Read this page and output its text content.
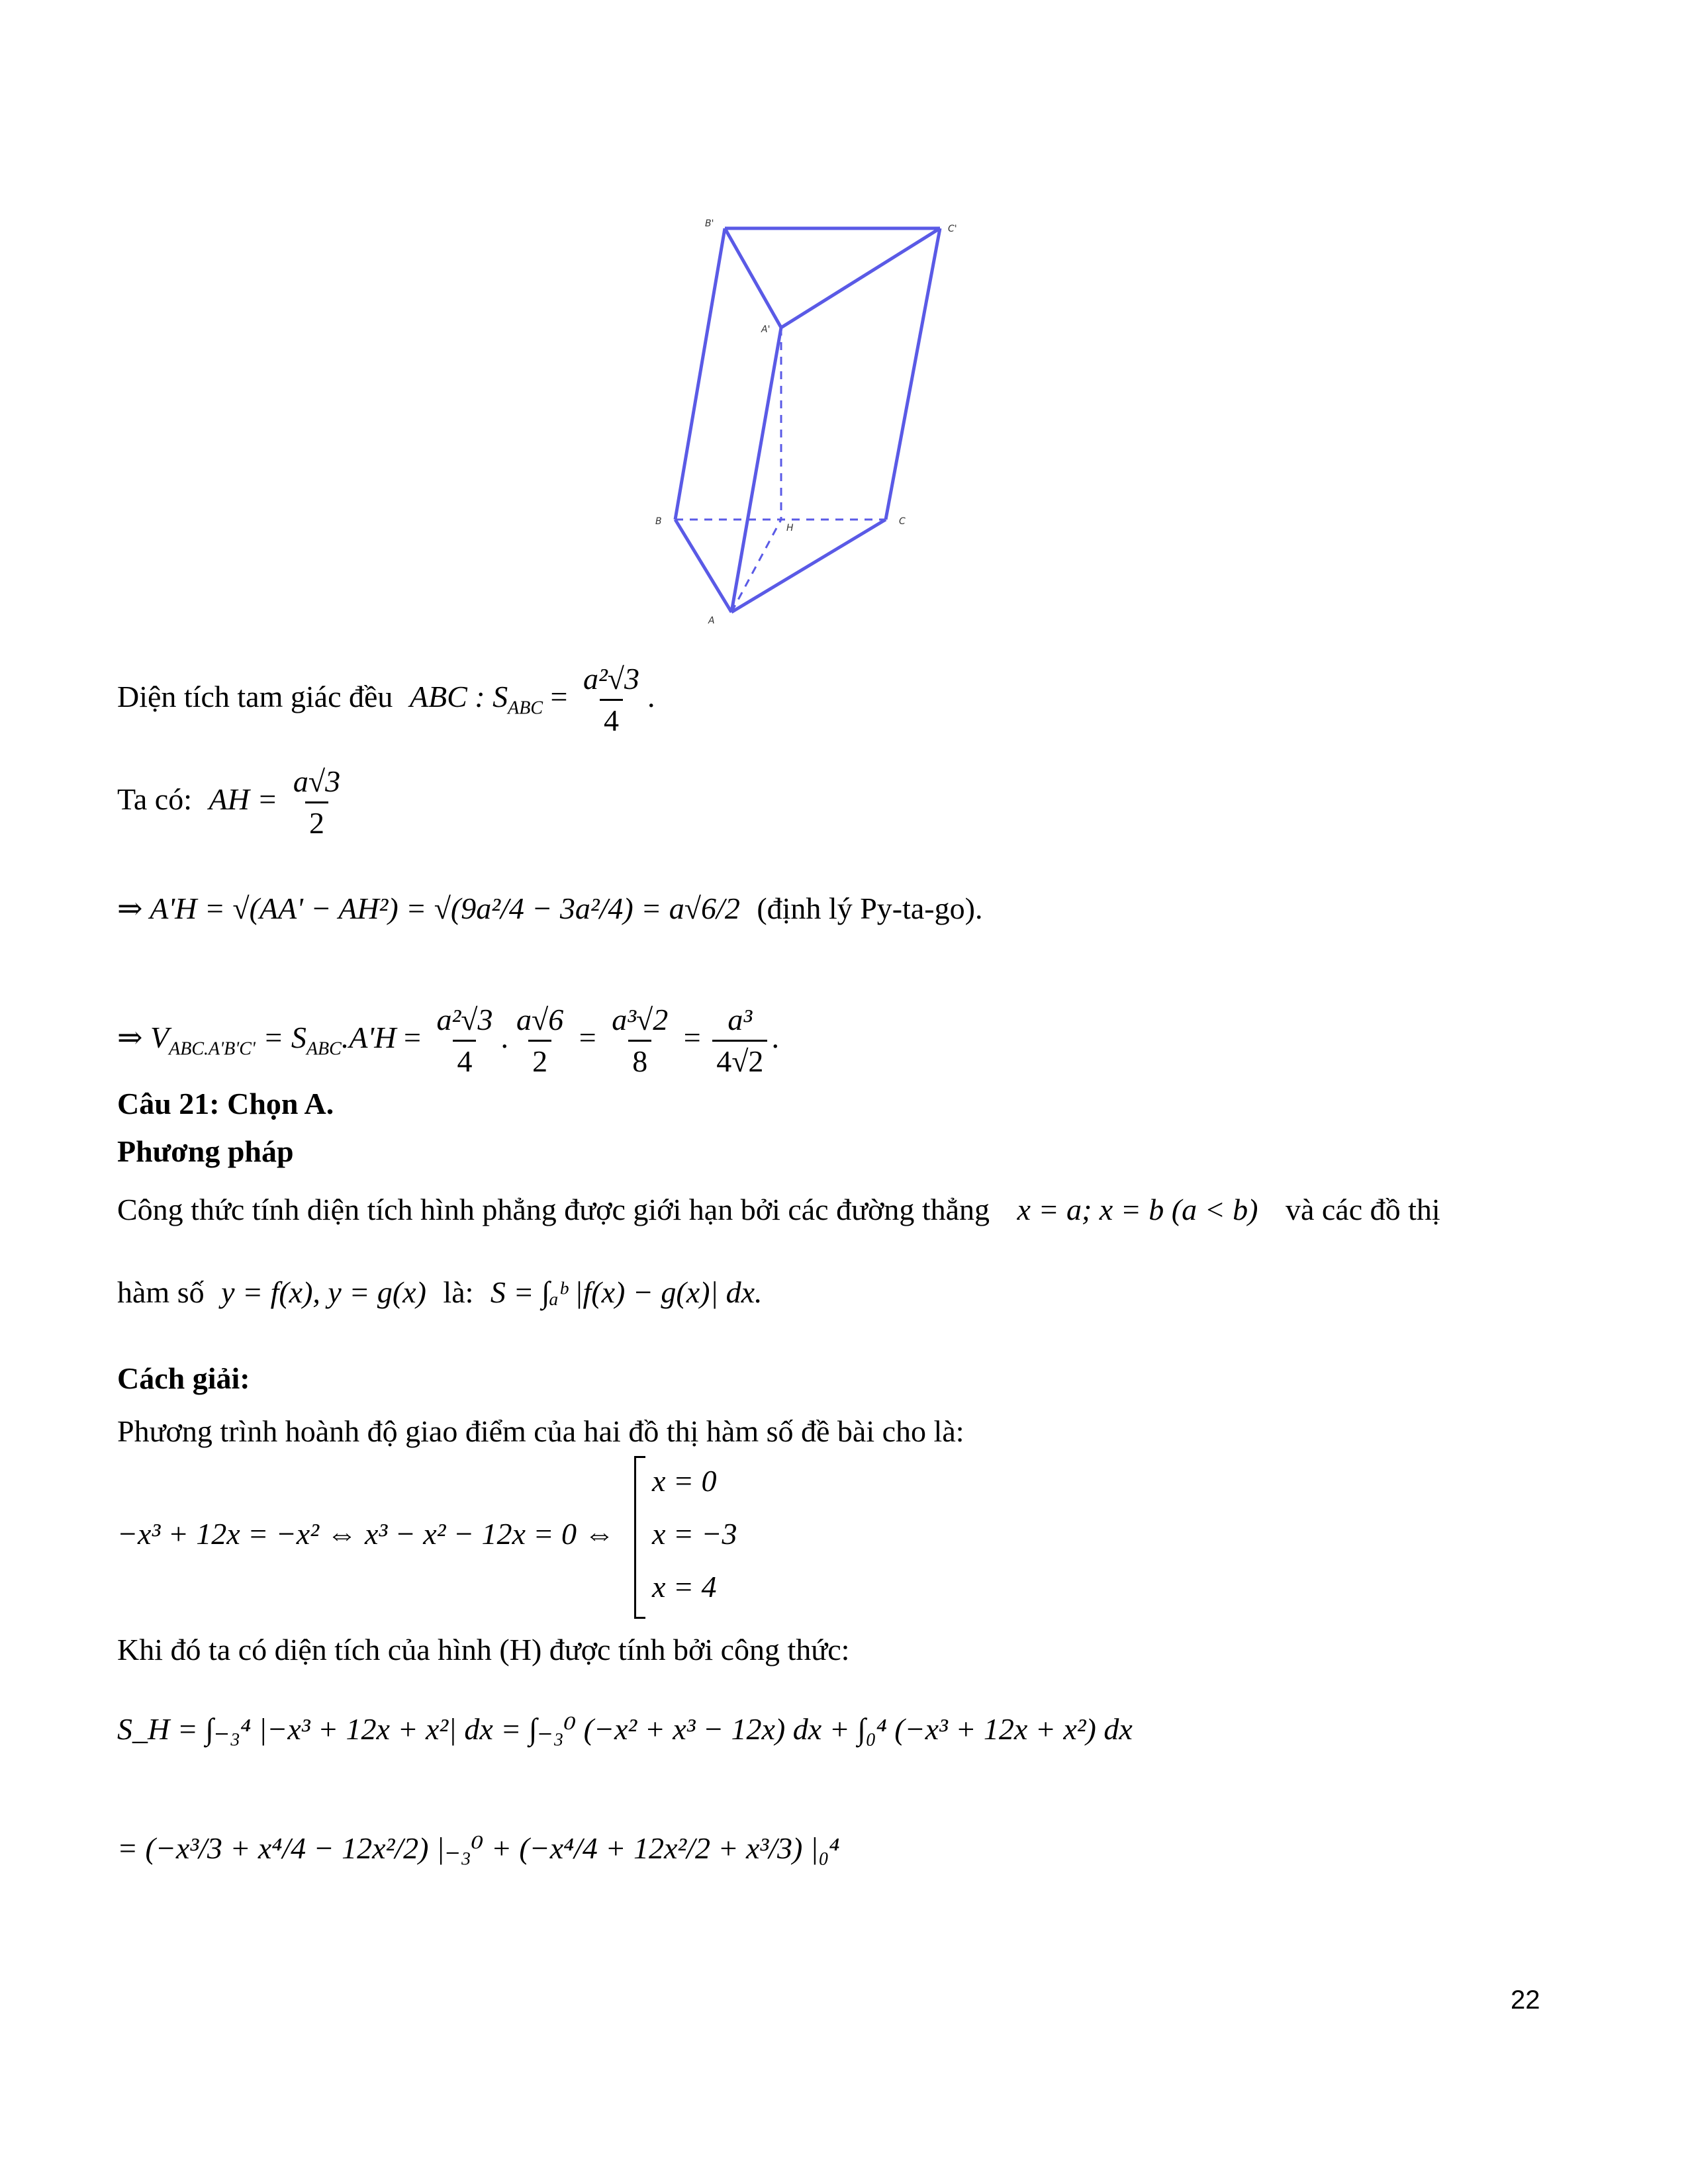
B'	C'
A'
B
H
C
A
Diện tích tam giác đều ABC : $S_{ABC} = \frac{\text{a²√3}}{4}$ .
Ta có: AH = $\frac{a√3}{2}$
⇒ A'H = √(AA' − AH²) = √(9a²/4 − 3a²/4) = a√6/2 (định lý Py-ta-go).
⇒ $V_{ABC.A'B'C'} = S_{ABC}.A'H = \frac{\text{a²√3}}{4}$ . $\frac{a√6}{2} = \frac{\text{a³√2}}{8} = \frac{\text{a³}}{4√2}$ .
Câu 21: Chọn A.
Phương pháp
Công thức tính diện tích hình phẳng được giới hạn bởi các đường thẳng x = a; x = b (a < b) và các đồ thị
hàm số y = f(x), y = g(x) là: S = ∫ₐᵇ |f(x) − g(x)| dx.
Cách giải:
Phương trình hoành độ giao điểm của hai đồ thị hàm số đề bài cho là:
−x³ + 12x = −x² ⇔ x³ − x² − 12x = 0 ⇔
x = 0
x = −3
x = 4
Khi đó ta có diện tích của hình (H) được tính bởi công thức:
S_H = ∫₋₃⁴ |−x³ + 12x + x²| dx = ∫₋₃⁰ (−x² + x³ − 12x) dx + ∫₀⁴ (−x³ + 12x + x²) dx
= (−x³/3 + x⁴/4 − 12x²/2) |₋₃⁰ + (−x⁴/4 + 12x²/2 + x³/3) |₀⁴
22
